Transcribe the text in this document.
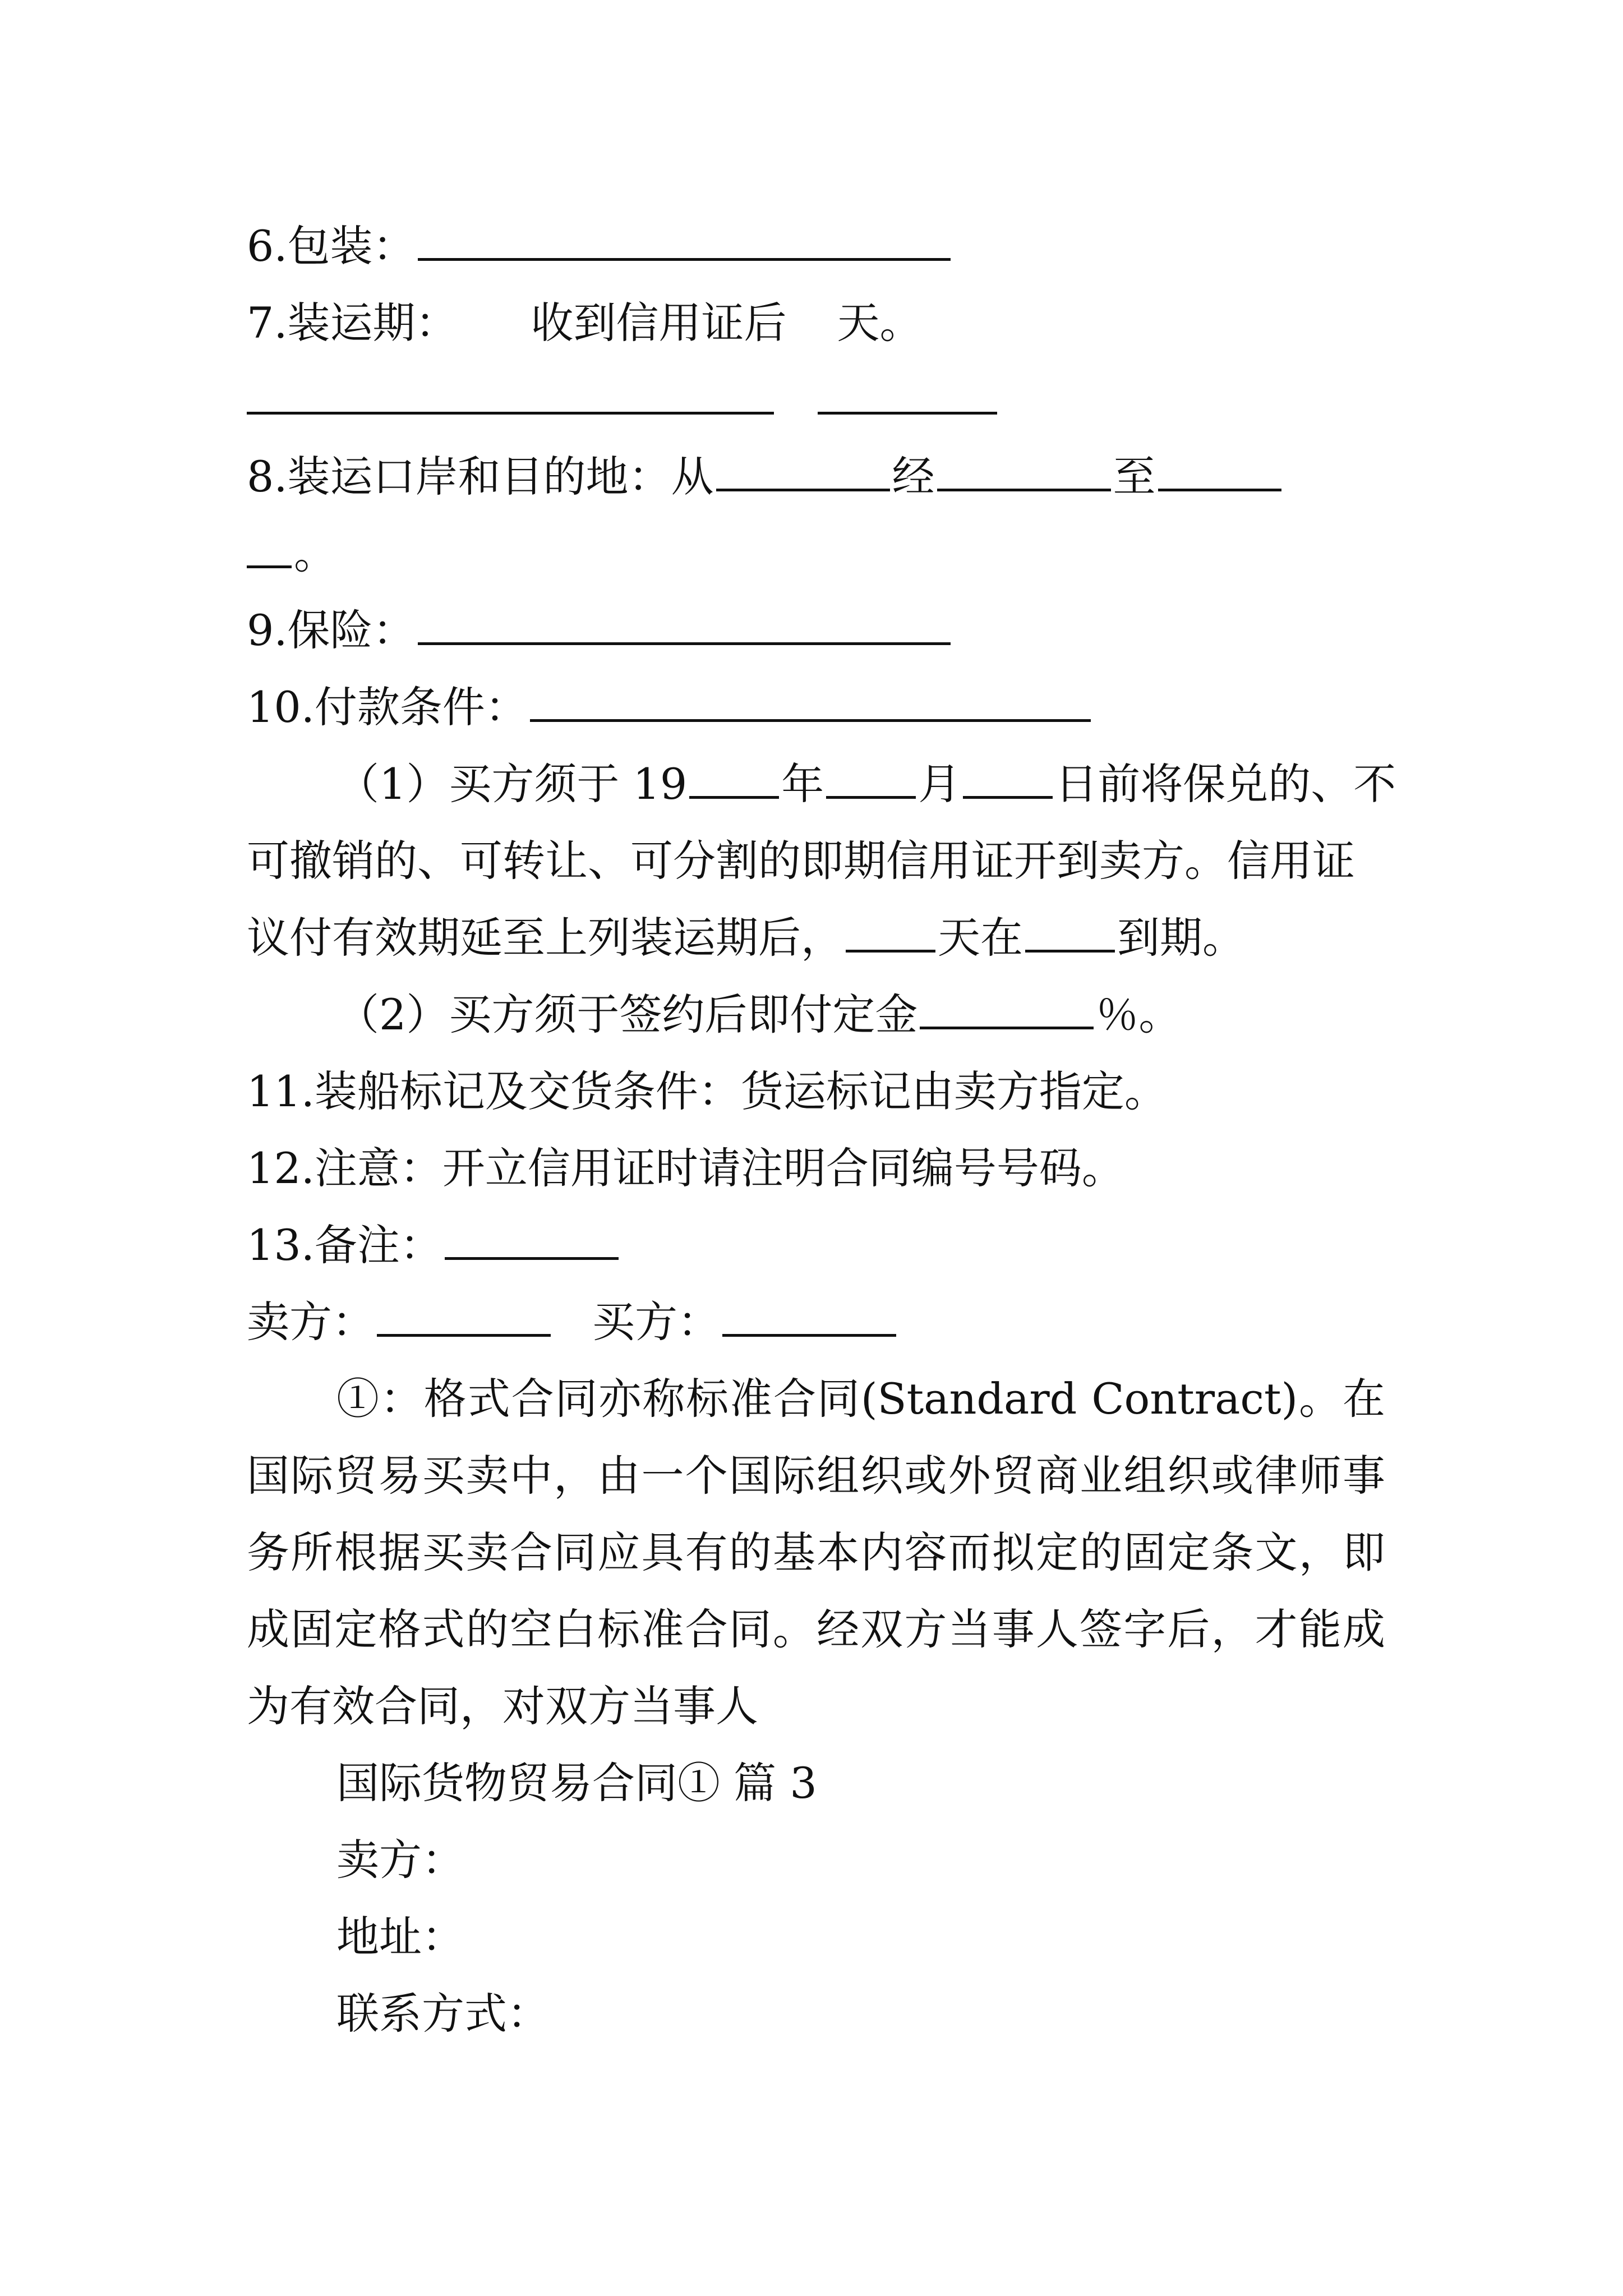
6.包装：
7.装运期： 收到信用证后 天。
8.装运口岸和目的地：从	经	至
。
9.保险：
10.付款条件：
（1）买方须于 19 年 月 日前将保兑的、不
可撤销的、可转让、可分割的即期信用证开到卖方。信用证
议付有效期延至上列装运期后， 天在 到期。
（2）买方须于签约后即付定金	％。
11.装船标记及交货条件：货运标记由卖方指定。
12.注意：开立信用证时请注明合同编号号码。
13.备注：
卖方：	买方：
①：格式合同亦称标准合同(Standard Contract)。在
国际贸易买卖中，由一个国际组织或外贸商业组织或律师事
务所根据买卖合同应具有的基本内容而拟定的固定条文，即
成固定格式的空白标准合同。经双方当事人签字后，才能成
为有效合同，对双方当事人
国际货物贸易合同① 篇 3
卖方：
地址：
联系方式：
